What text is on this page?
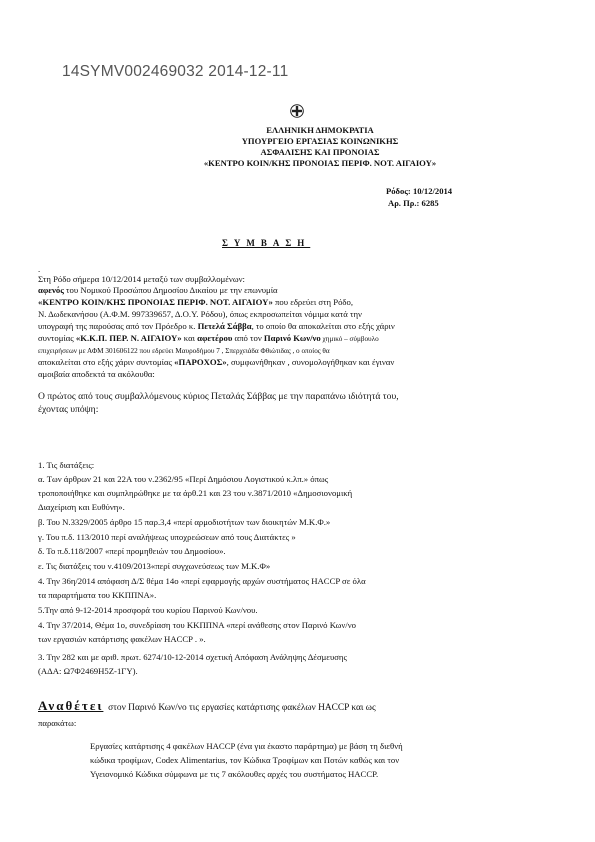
14SYMV002469032 2014-12-11
ΕΛΛΗΝΙΚΗ ΔΗΜΟΚΡΑΤΙΑ
ΥΠΟΥΡΓΕΙΟ ΕΡΓΑΣΙΑΣ ΚΟΙΝΩΝΙΚΗΣ
ΑΣΦΑΛΙΣΗΣ ΚΑΙ ΠΡΟΝΟΙΑΣ
«ΚΕΝΤΡΟ ΚΟΙΝ/ΚΗΣ ΠΡΟΝΟΙΑΣ ΠΕΡΙΦ. ΝΟΤ. ΑΙΓΑΙΟΥ»
Ρόδος: 10/12/2014
Αρ. Πρ.: 6285
ΣΥΜΒΑΣΗ
.
Στη Ρόδο σήμερα 10/12/2014 μεταξύ των συμβαλλομένων:
αφενός του Νομικού Προσώπου Δημοσίου Δικαίου με την επωνυμία
«ΚΕΝΤΡΟ ΚΟΙΝ/ΚΗΣ ΠΡΟΝΟΙΑΣ ΠΕΡΙΦ. ΝΟΤ. ΑΙΓΑΙΟΥ» που εδρεύει στη Ρόδο,
Ν. Δωδεκανήσου (Α.Φ.Μ. 997339657, Δ.Ο.Υ. Ρόδου), όπως εκπροσωπείται νόμιμα κατά την
υπογραφή της παρούσας από τον Πρόεδρο κ. Πετελά Σάββα, το οποίο θα αποκαλείται στο εξής χάριν
συντομίας «Κ.Κ.Π. ΠΕΡ. Ν. ΑΙΓΑΙΟΥ» και αφετέρου από τον Παρινό Κων/νο χημικό – σύμβουλο
επιχειρήσεων με ΑΦΜ 301606122 που εδρεύει Μαυροδήμου 7 , Σπερχειάδα Φθιώτιδας , ο οποίος θα
αποκαλείται στο εξής χάριν συντομίας «ΠΑΡΟΧΟΣ», συμφωνήθηκαν , συνομολογήθηκαν και έγιναν
αμοιβαία αποδεκτά τα ακόλουθα:
Ο πρώτος από τους συμβαλλόμενους κύριος Πεταλάς Σάββας με την παραπάνω ιδιότητά του,
έχοντας υπόψη:
1. Τις διατάξεις:
α. Των άρθρων 21 και 22Α του ν.2362/95 «Περί Δημόσιου Λογιστικού κ.λπ.» όπως
τροποποιήθηκε και συμπληρώθηκε με τα άρθ.21 και 23 του ν.3871/2010 «Δημοσιονομική
Διαχείριση και Ευθύνη».
β. Του Ν.3329/2005 άρθρο 15 παρ.3,4 «περί αρμοδιοτήτων των διοικητών Μ.Κ.Φ.»
γ. Του π.δ. 113/2010 περί αναλήψεως υποχρεώσεων από τους Διατάκτες »
δ. Το π.δ.118/2007 «περί προμηθειών του Δημοσίου».
ε. Τις διατάξεις του ν.4109/2013«περί συγχωνεύσεως των Μ.Κ.Φ»
4. Την 36η/2014 απόφαση Δ/Σ θέμα 14ο «περί εφαρμογής αρχών συστήματος HACCP σε όλα
τα παραρτήματα του ΚΚΠΠΝΑ».
5.Την από 9-12-2014 προσφορά του κυρίου Παρινού Κων/νου.
4. Την 37/2014, Θέμα 1ο, συνεδρίαση του ΚΚΠΠΝΑ «περί ανάθεσης στον Παρινό Κων/νο
των εργασιών κατάρτισης φακέλων HACCP . ».
3. Την 282 και με αριθ. πρωτ. 6274/10-12-2014 σχετική Απόφαση Ανάληψης Δέσμευσης
(ΑΔΑ: Ω7Φ2469Η5Ζ-1ΓΥ).
Αναθέτει στον Παρινό Κων/νο τις εργασίες κατάρτισης φακέλων HACCP και ως
παρακάτω:
Εργασίες κατάρτισης 4 φακέλων HACCP (ένα για έκαστο παράρτημα) με βάση τη διεθνή
κώδικα τροφίμων, Codex Alimentarius, τον Κώδικα Τροφίμων και Ποτών καθώς και τον
Υγειονομικό Κώδικα σύμφωνα με τις 7 ακόλουθες αρχές του συστήματος HACCP.
